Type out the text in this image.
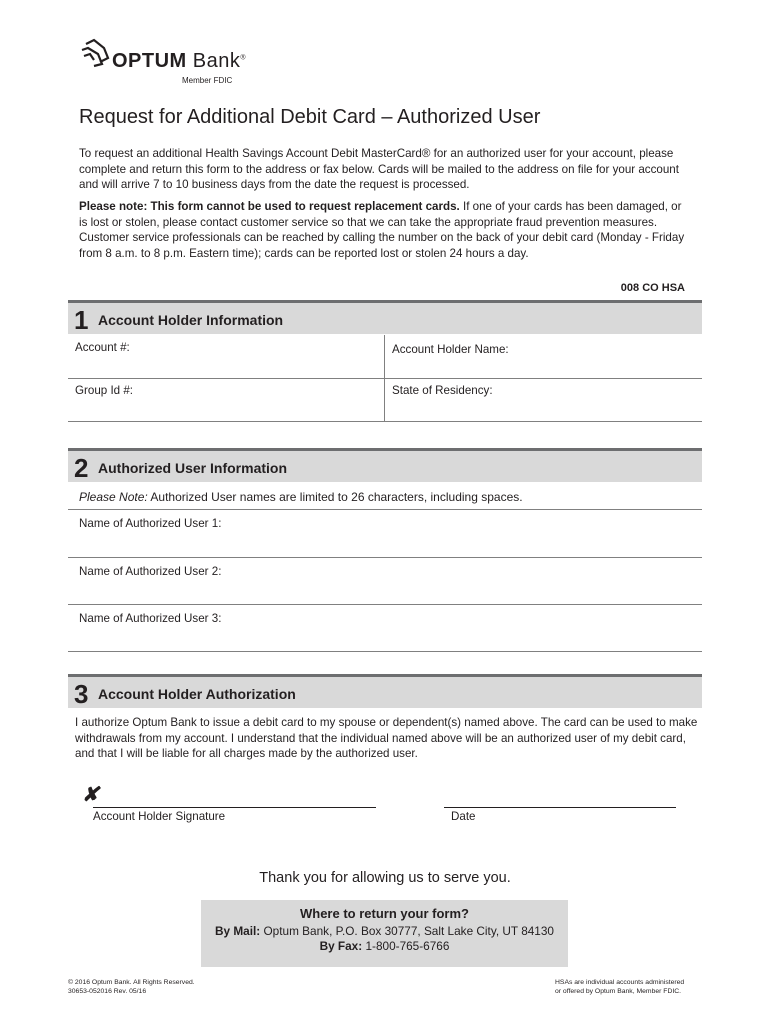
OPTUM Bank®
Member FDIC
Request for Additional Debit Card – Authorized User
To request an additional Health Savings Account Debit MasterCard® for an authorized user for your account, please complete and return this form to the address or fax below. Cards will be mailed to the address on file for your account and will arrive 7 to 10 business days from the date the request is processed.
Please note: This form cannot be used to request replacement cards. If one of your cards has been damaged, or is lost or stolen, please contact customer service so that we can take the appropriate fraud prevention measures. Customer service professionals can be reached by calling the number on the back of your debit card (Monday - Friday from 8 a.m. to 8 p.m. Eastern time); cards can be reported lost or stolen 24 hours a day.
008 CO HSA
1 Account Holder Information
Account #:	Account Holder Name:
Group Id #:	State of Residency:
2 Authorized User Information
Please Note: Authorized User names are limited to 26 characters, including spaces.
Name of Authorized User 1:
Name of Authorized User 2:
Name of Authorized User 3:
3 Account Holder Authorization
I authorize Optum Bank to issue a debit card to my spouse or dependent(s) named above. The card can be used to make withdrawals from my account. I understand that the individual named above will be an authorized user of my debit card, and that I will be liable for all charges made by the authorized user.
✘
Account Holder Signature	Date
Thank you for allowing us to serve you.
Where to return your form?
By Mail: Optum Bank, P.O. Box 30777, Salt Lake City, UT 84130
By Fax: 1-800-765-6766
© 2016 Optum Bank. All Rights Reserved.
30653-052016 Rev. 05/16
HSAs are individual accounts administered
or offered by Optum Bank, Member FDIC.
